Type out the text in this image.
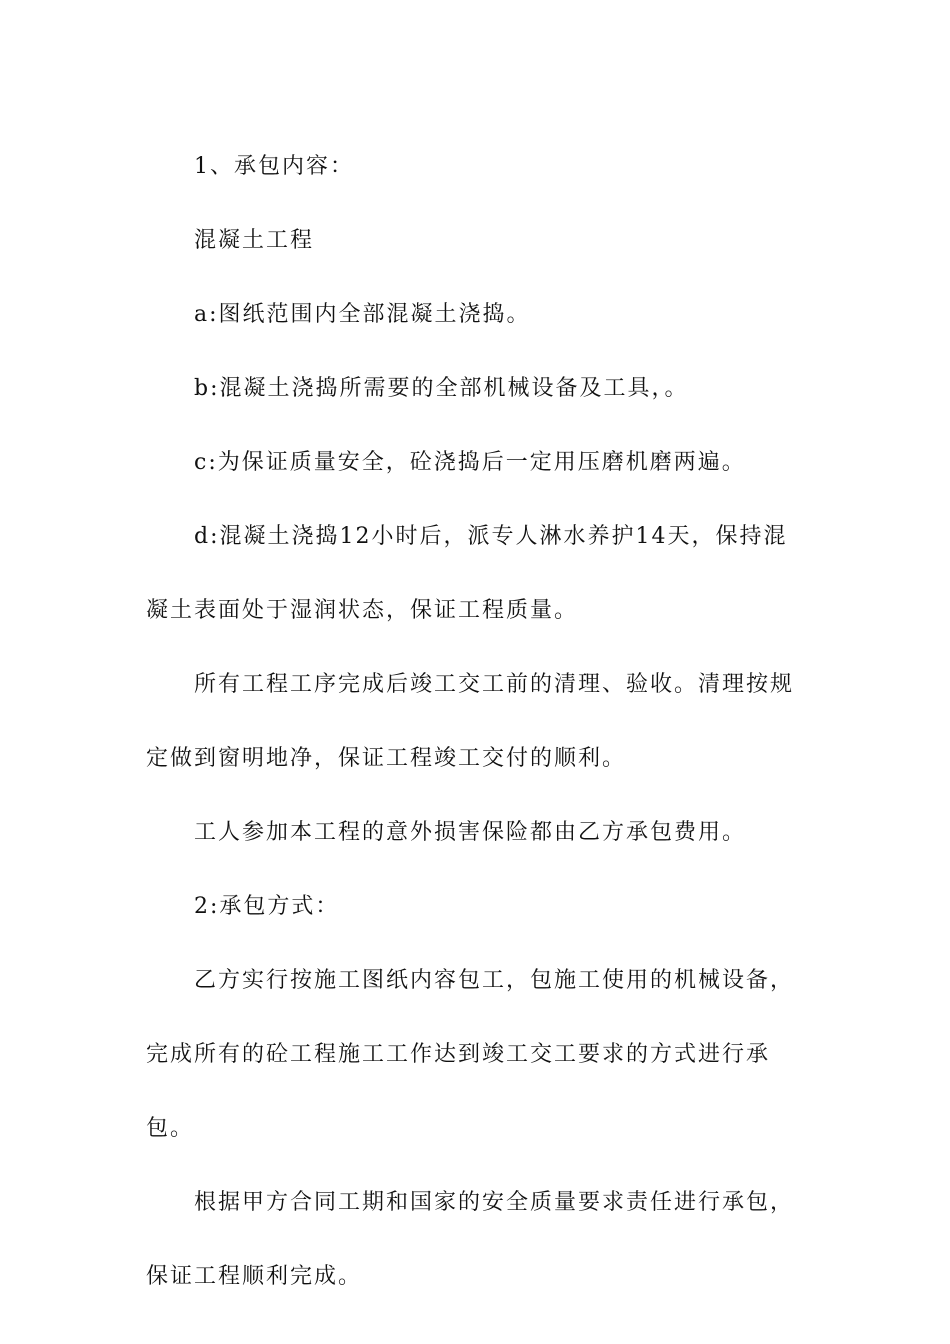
1、承包内容：

混凝土工程

a:图纸范围内全部混凝土浇捣。

b:混凝土浇捣所需要的全部机械设备及工具，。

c:为保证质量安全，砼浇捣后一定用压磨机磨两遍。

d:混凝土浇捣12小时后，派专人淋水养护14天，保持混凝土表面处于湿润状态，保证工程质量。

所有工程工序完成后竣工交工前的清理、验收。清理按规定做到窗明地净，保证工程竣工交付的顺利。

工人参加本工程的意外损害保险都由乙方承包费用。

2:承包方式：

乙方实行按施工图纸内容包工，包施工使用的机械设备，完成所有的砼工程施工工作达到竣工交工要求的方式进行承包。

根据甲方合同工期和国家的安全质量要求责任进行承包，保证工程顺利完成。
